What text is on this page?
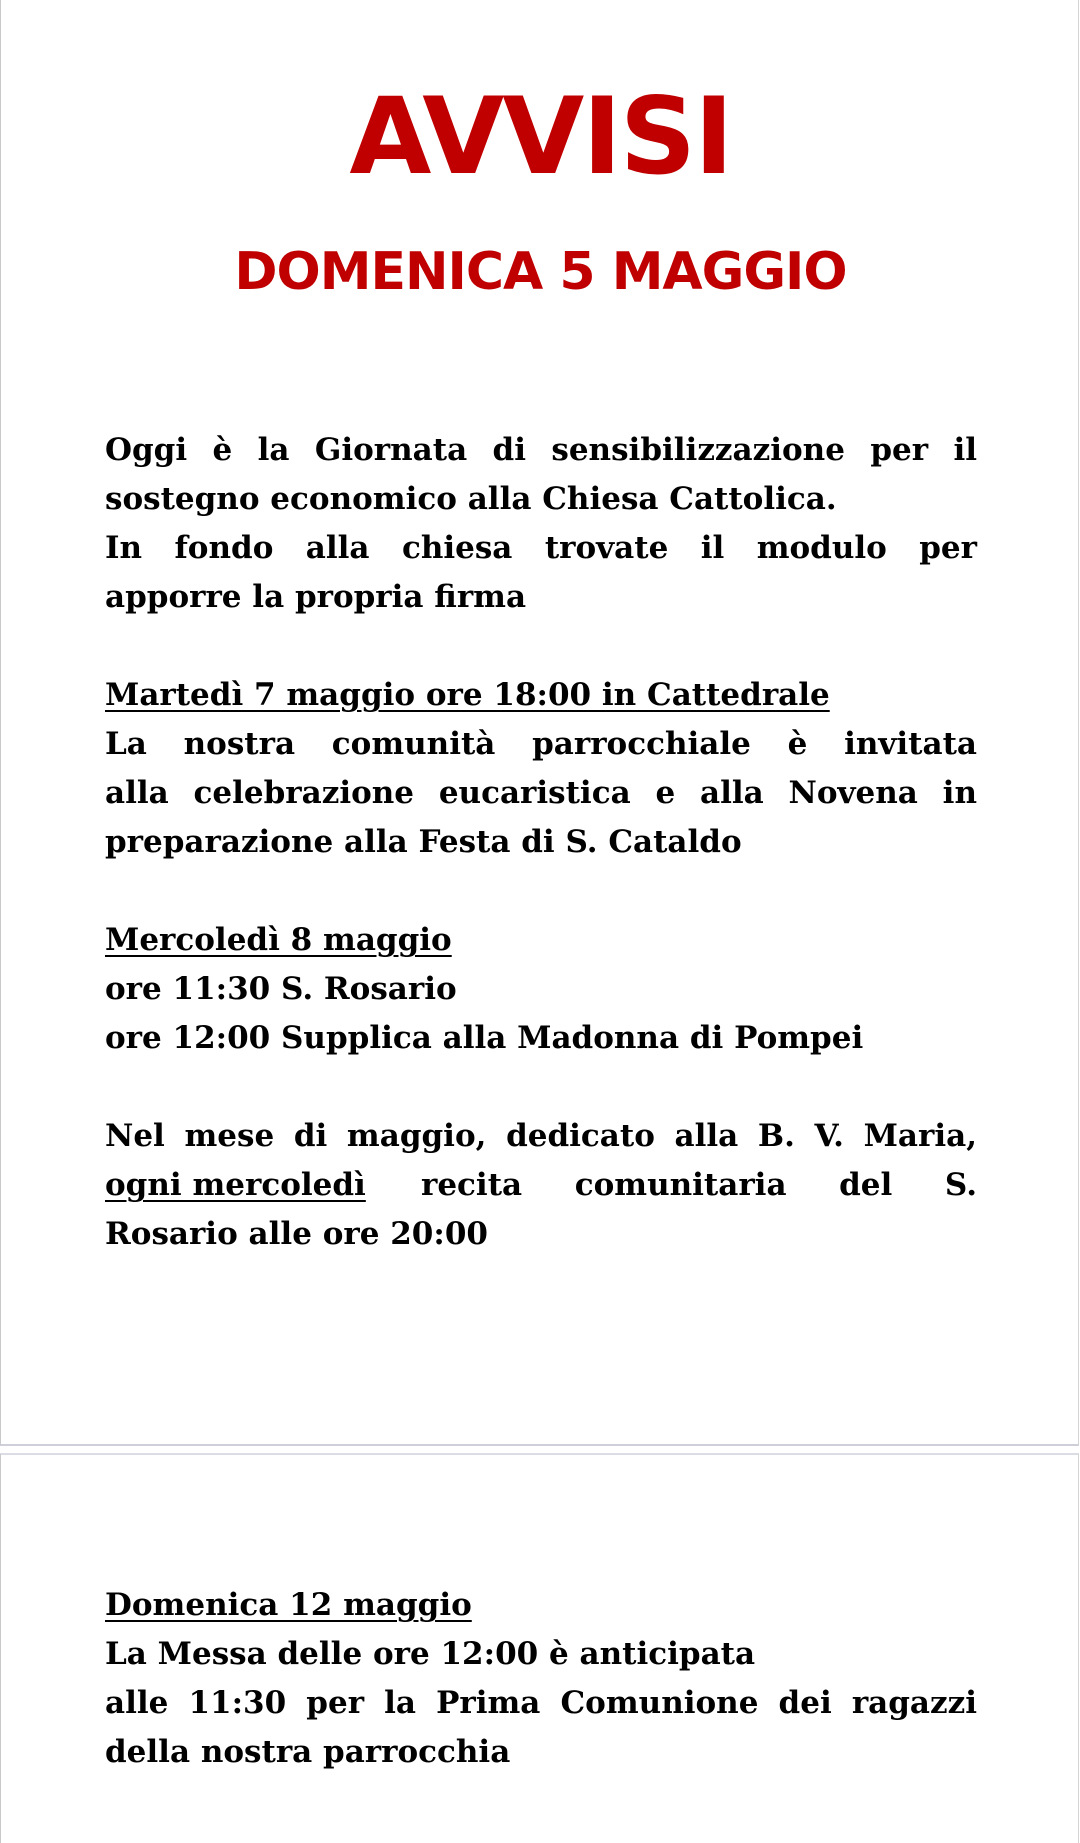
AVVISI
DOMENICA 5 MAGGIO
Oggi è la Giornata di sensibilizzazione per il
sostegno economico alla Chiesa Cattolica.
In fondo alla chiesa trovate il modulo per
apporre la propria firma
Martedì 7 maggio ore 18:00 in Cattedrale
La nostra comunità parrocchiale è invitata
alla celebrazione eucaristica e alla Novena in
preparazione alla Festa di S. Cataldo
Mercoledì 8 maggio
ore 11:30 S. Rosario
ore 12:00 Supplica alla Madonna di Pompei
Nel mese di maggio, dedicato alla B. V. Maria,
ogni mercoledì recita comunitaria del S.
Rosario alle ore 20:00
Domenica 12 maggio
La Messa delle ore 12:00 è anticipata
alle 11:30 per la Prima Comunione dei ragazzi
della nostra parrocchia
